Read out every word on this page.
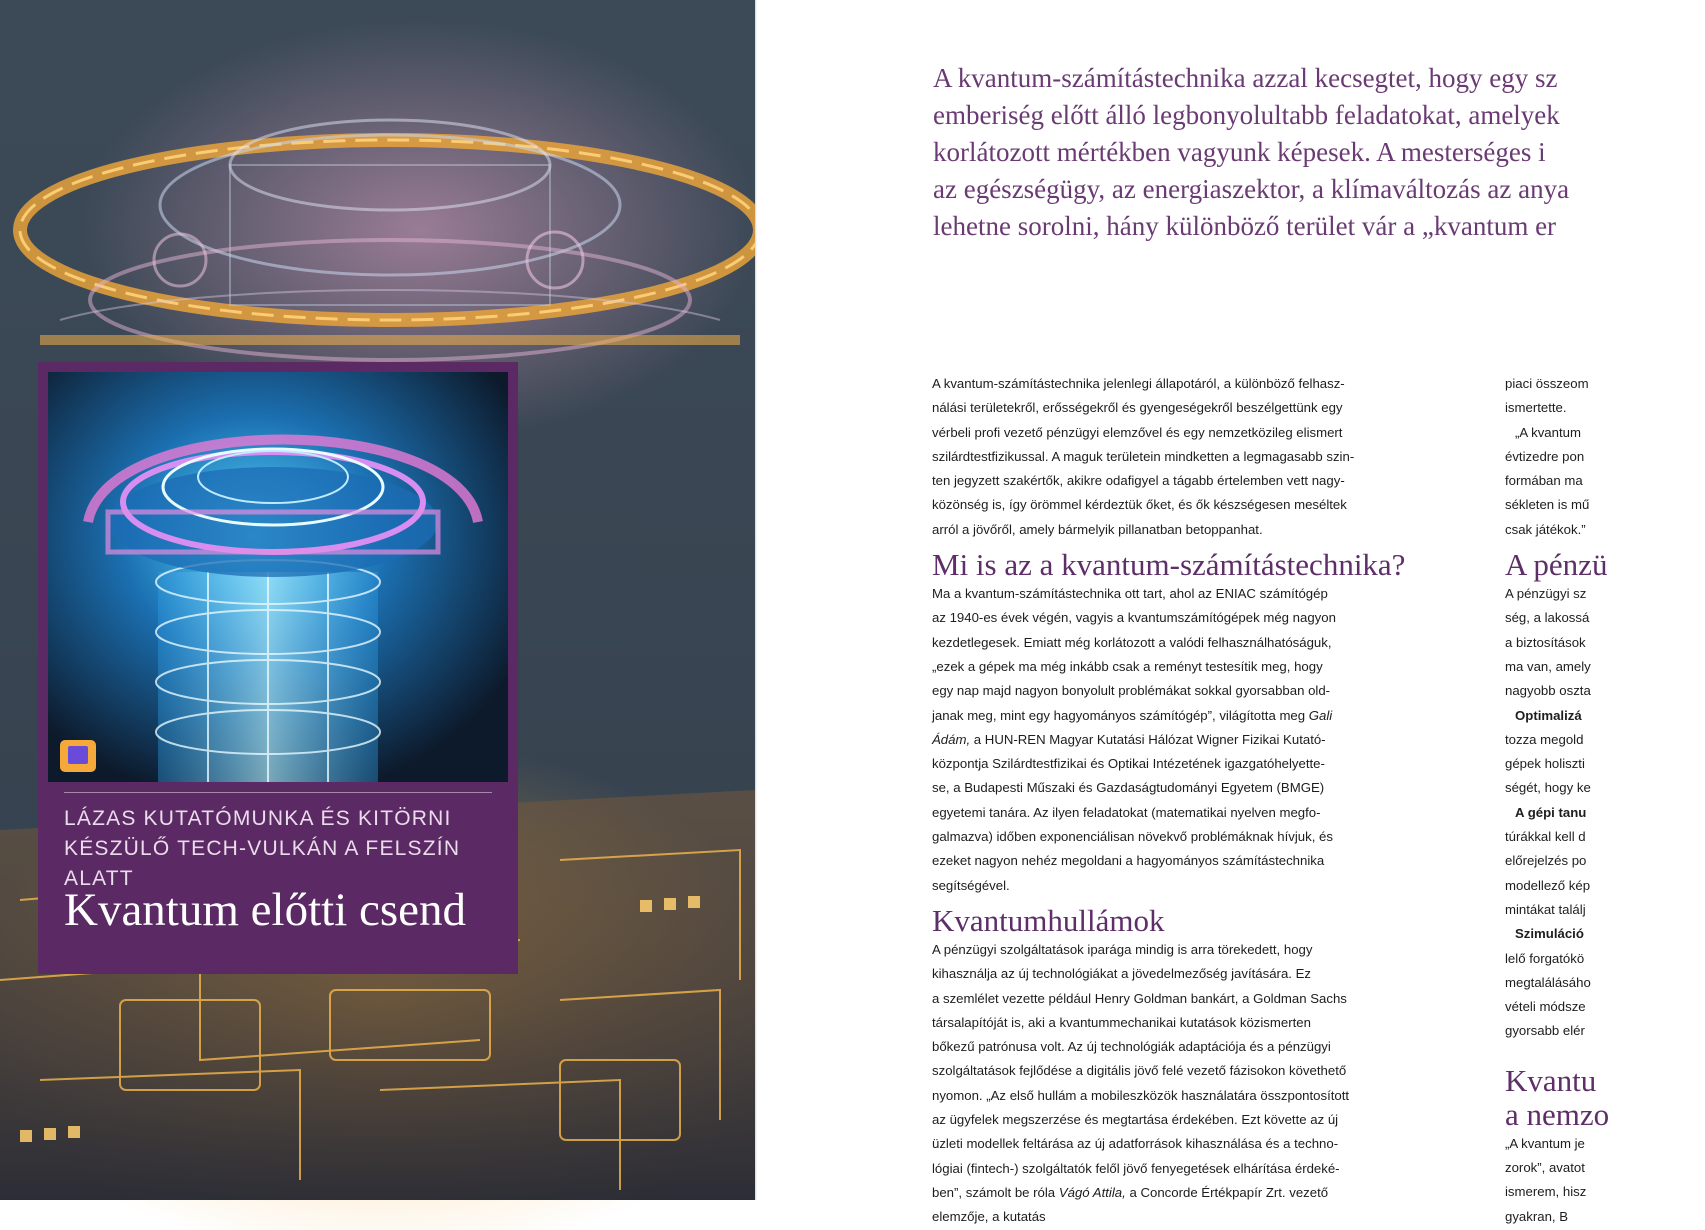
LÁZAS KUTATÓMUNKA ÉS KITÖRNI
KÉSZÜLŐ TECH-VULKÁN A FELSZÍN ALATT
Kvantum előtti csend
A kvantum-számítástechnika azzal kecsegtet, hogy egy sz
emberiség előtt álló legbonyolultabb feladatokat, amelyek
korlátozott mértékben vagyunk képesek. A mesterséges i
az egészségügy, az energiaszektor, a klímaváltozás az anya
lehetne sorolni, hány különböző terület vár a „kvantum er
A kvantum-számítástechnika jelenlegi állapotáról, a különböző felhasz-
nálási területekről, erősségekről és gyengeségekről beszélgettünk egy
vérbeli profi vezető pénzügyi elemzővel és egy nemzetközileg elismert
szilárdtestfizikussal. A maguk területein mindketten a legmagasabb szin-
ten jegyzett szakértők, akikre odafigyel a tágabb értelemben vett nagy-
közönség is, így örömmel kérdeztük őket, és ők készségesen meséltek
arról a jövőről, amely bármelyik pillanatban betoppanhat.
Mi is az a kvantum-számítástechnika?
Ma a kvantum-számítástechnika ott tart, ahol az ENIAC számítógép
az 1940-es évek végén, vagyis a kvantumszámítógépek még nagyon
kezdetlegesek. Emiatt még korlátozott a valódi felhasználhatóságuk,
„ezek a gépek ma még inkább csak a reményt testesítik meg, hogy
egy nap majd nagyon bonyolult problémákat sokkal gyorsabban old-
janak meg, mint egy hagyományos számítógép”, világította meg Gali
Ádám, a HUN-REN Magyar Kutatási Hálózat Wigner Fizikai Kutató-
központja Szilárdtestfizikai és Optikai Intézetének igazgatóhelyette-
se, a Budapesti Műszaki és Gazdaságtudományi Egyetem (BMGE)
egyetemi tanára. Az ilyen feladatokat (matematikai nyelven megfo-
galmazva) időben exponenciálisan növekvő problémáknak hívjuk, és
ezeket nagyon nehéz megoldani a hagyományos számítástechnika
segítségével.
Kvantumhullámok
A pénzügyi szolgáltatások iparága mindig is arra törekedett, hogy
kihasználja az új technológiákat a jövedelmezőség javítására. Ez
a szemlélet vezette például Henry Goldman bankárt, a Goldman Sachs
társalapítóját is, aki a kvantummechanikai kutatások közismerten
bőkezű patrónusa volt. Az új technológiák adaptációja és a pénzügyi
szolgáltatások fejlődése a digitális jövő felé vezető fázisokon követhető
nyomon. „Az első hullám a mobileszközök használatára összpontosított
az ügyfelek megszerzése és megtartása érdekében. Ezt követte az új
üzleti modellek feltárása az új adatforrások kihasználása és a techno-
lógiai (fintech-) szolgáltatók felől jövő fenyegetések elhárítása érdeké-
ben”, számolt be róla Vágó Attila, a Concorde Értékpapír Zrt. vezető
elemzője, a kutatás
piaci összeom
ismertette.
„A kvantum
évtizedre pon
formában ma
sékleten is mű
csak játékok.”
A pénzü
A pénzügyi sz
ség, a lakossá
a biztosítások
ma van, amely
nagyobb oszta
Optimalizá
tozza megold
gépek holiszti
ségét, hogy ke
A gépi tanu
túrákkal kell d
előrejelzés po
modellező kép
mintákat találj
Szimuláció
lelő forgatókö
megtalálásáho
vételi módsze
gyorsabb elér
Kvantu
a nemzo
„A kvantum je
zorok”, avatot
ismerem, hisz
gyakran, B
